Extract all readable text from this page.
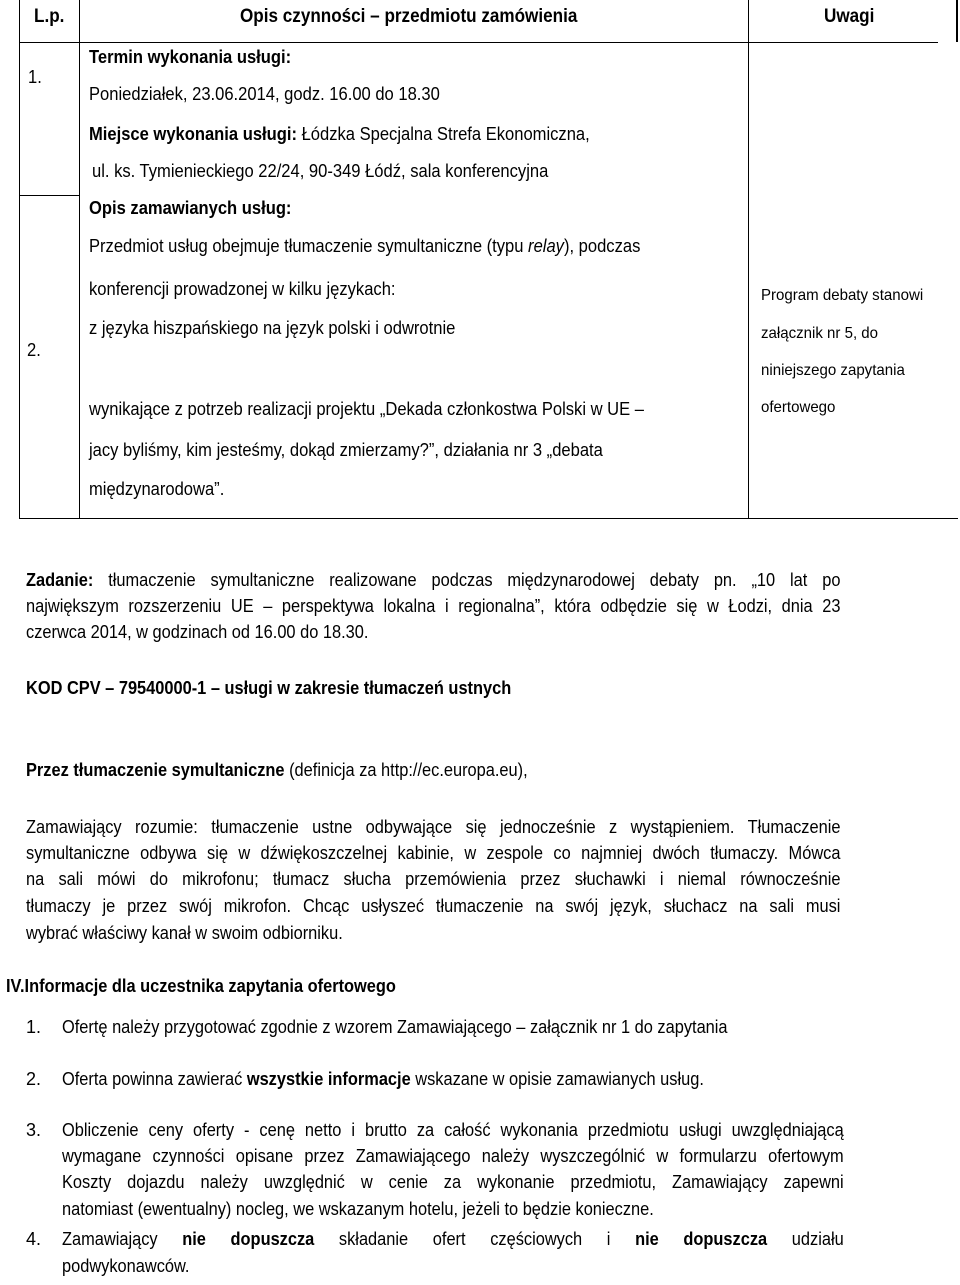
L.p.	Opis czynności – przedmiotu zamówienia	Uwagi
1.
Termin wykonania usługi:
Poniedziałek, 23.06.2014, godz. 16.00 do 18.30
Miejsce wykonania usługi: Łódzka Specjalna Strefa Ekonomiczna,
ul. ks. Tymienieckiego 22/24, 90-349 Łódź, sala konferencyjna
2.
Opis zamawianych usług:
Przedmiot usług obejmuje tłumaczenie symultaniczne (typu relay), podczas
konferencji prowadzonej w kilku językach:
z języka hiszpańskiego na język polski i odwrotnie
wynikające z potrzeb realizacji projektu „Dekada członkostwa Polski w UE –
jacy byliśmy, kim jesteśmy, dokąd zmierzamy?”, działania nr 3 „debata
międzynarodowa”.
Program debaty stanowi
załącznik nr 5, do
niniejszego zapytania
ofertowego
Zadanie: tłumaczenie symultaniczne realizowane podczas międzynarodowej debaty pn. „10 lat po
największym rozszerzeniu UE – perspektywa lokalna i regionalna”, która odbędzie się w Łodzi, dnia 23
czerwca 2014, w godzinach od 16.00 do 18.30.
KOD CPV – 79540000-1 – usługi w zakresie tłumaczeń ustnych
Przez tłumaczenie symultaniczne (definicja za http://ec.europa.eu),
Zamawiający rozumie: tłumaczenie ustne odbywające się jednocześnie z wystąpieniem. Tłumaczenie
symultaniczne odbywa się w dźwiękoszczelnej kabinie, w zespole co najmniej dwóch tłumaczy. Mówca
na sali mówi do mikrofonu; tłumacz słucha przemówienia przez słuchawki i niemal równocześnie
tłumaczy je przez swój mikrofon. Chcąc usłyszeć tłumaczenie na swój język, słuchacz na sali musi
wybrać właściwy kanał w swoim odbiorniku.
IV.Informacje dla uczestnika zapytania ofertowego
1. Ofertę należy przygotować zgodnie z wzorem Zamawiającego – załącznik nr 1 do zapytania
2. Oferta powinna zawierać wszystkie informacje wskazane w opisie zamawianych usług.
3. Obliczenie ceny oferty - cenę netto i brutto za całość wykonania przedmiotu usługi uwzględniającą
wymagane czynności opisane przez Zamawiającego należy wyszczególnić w formularzu ofertowym
Koszty dojazdu należy uwzględnić w cenie za wykonanie przedmiotu, Zamawiający zapewni
natomiast (ewentualny) nocleg, we wskazanym hotelu, jeżeli to będzie konieczne.
4. Zamawiający nie dopuszcza składanie ofert częściowych i nie dopuszcza udziału
podwykonawców.
